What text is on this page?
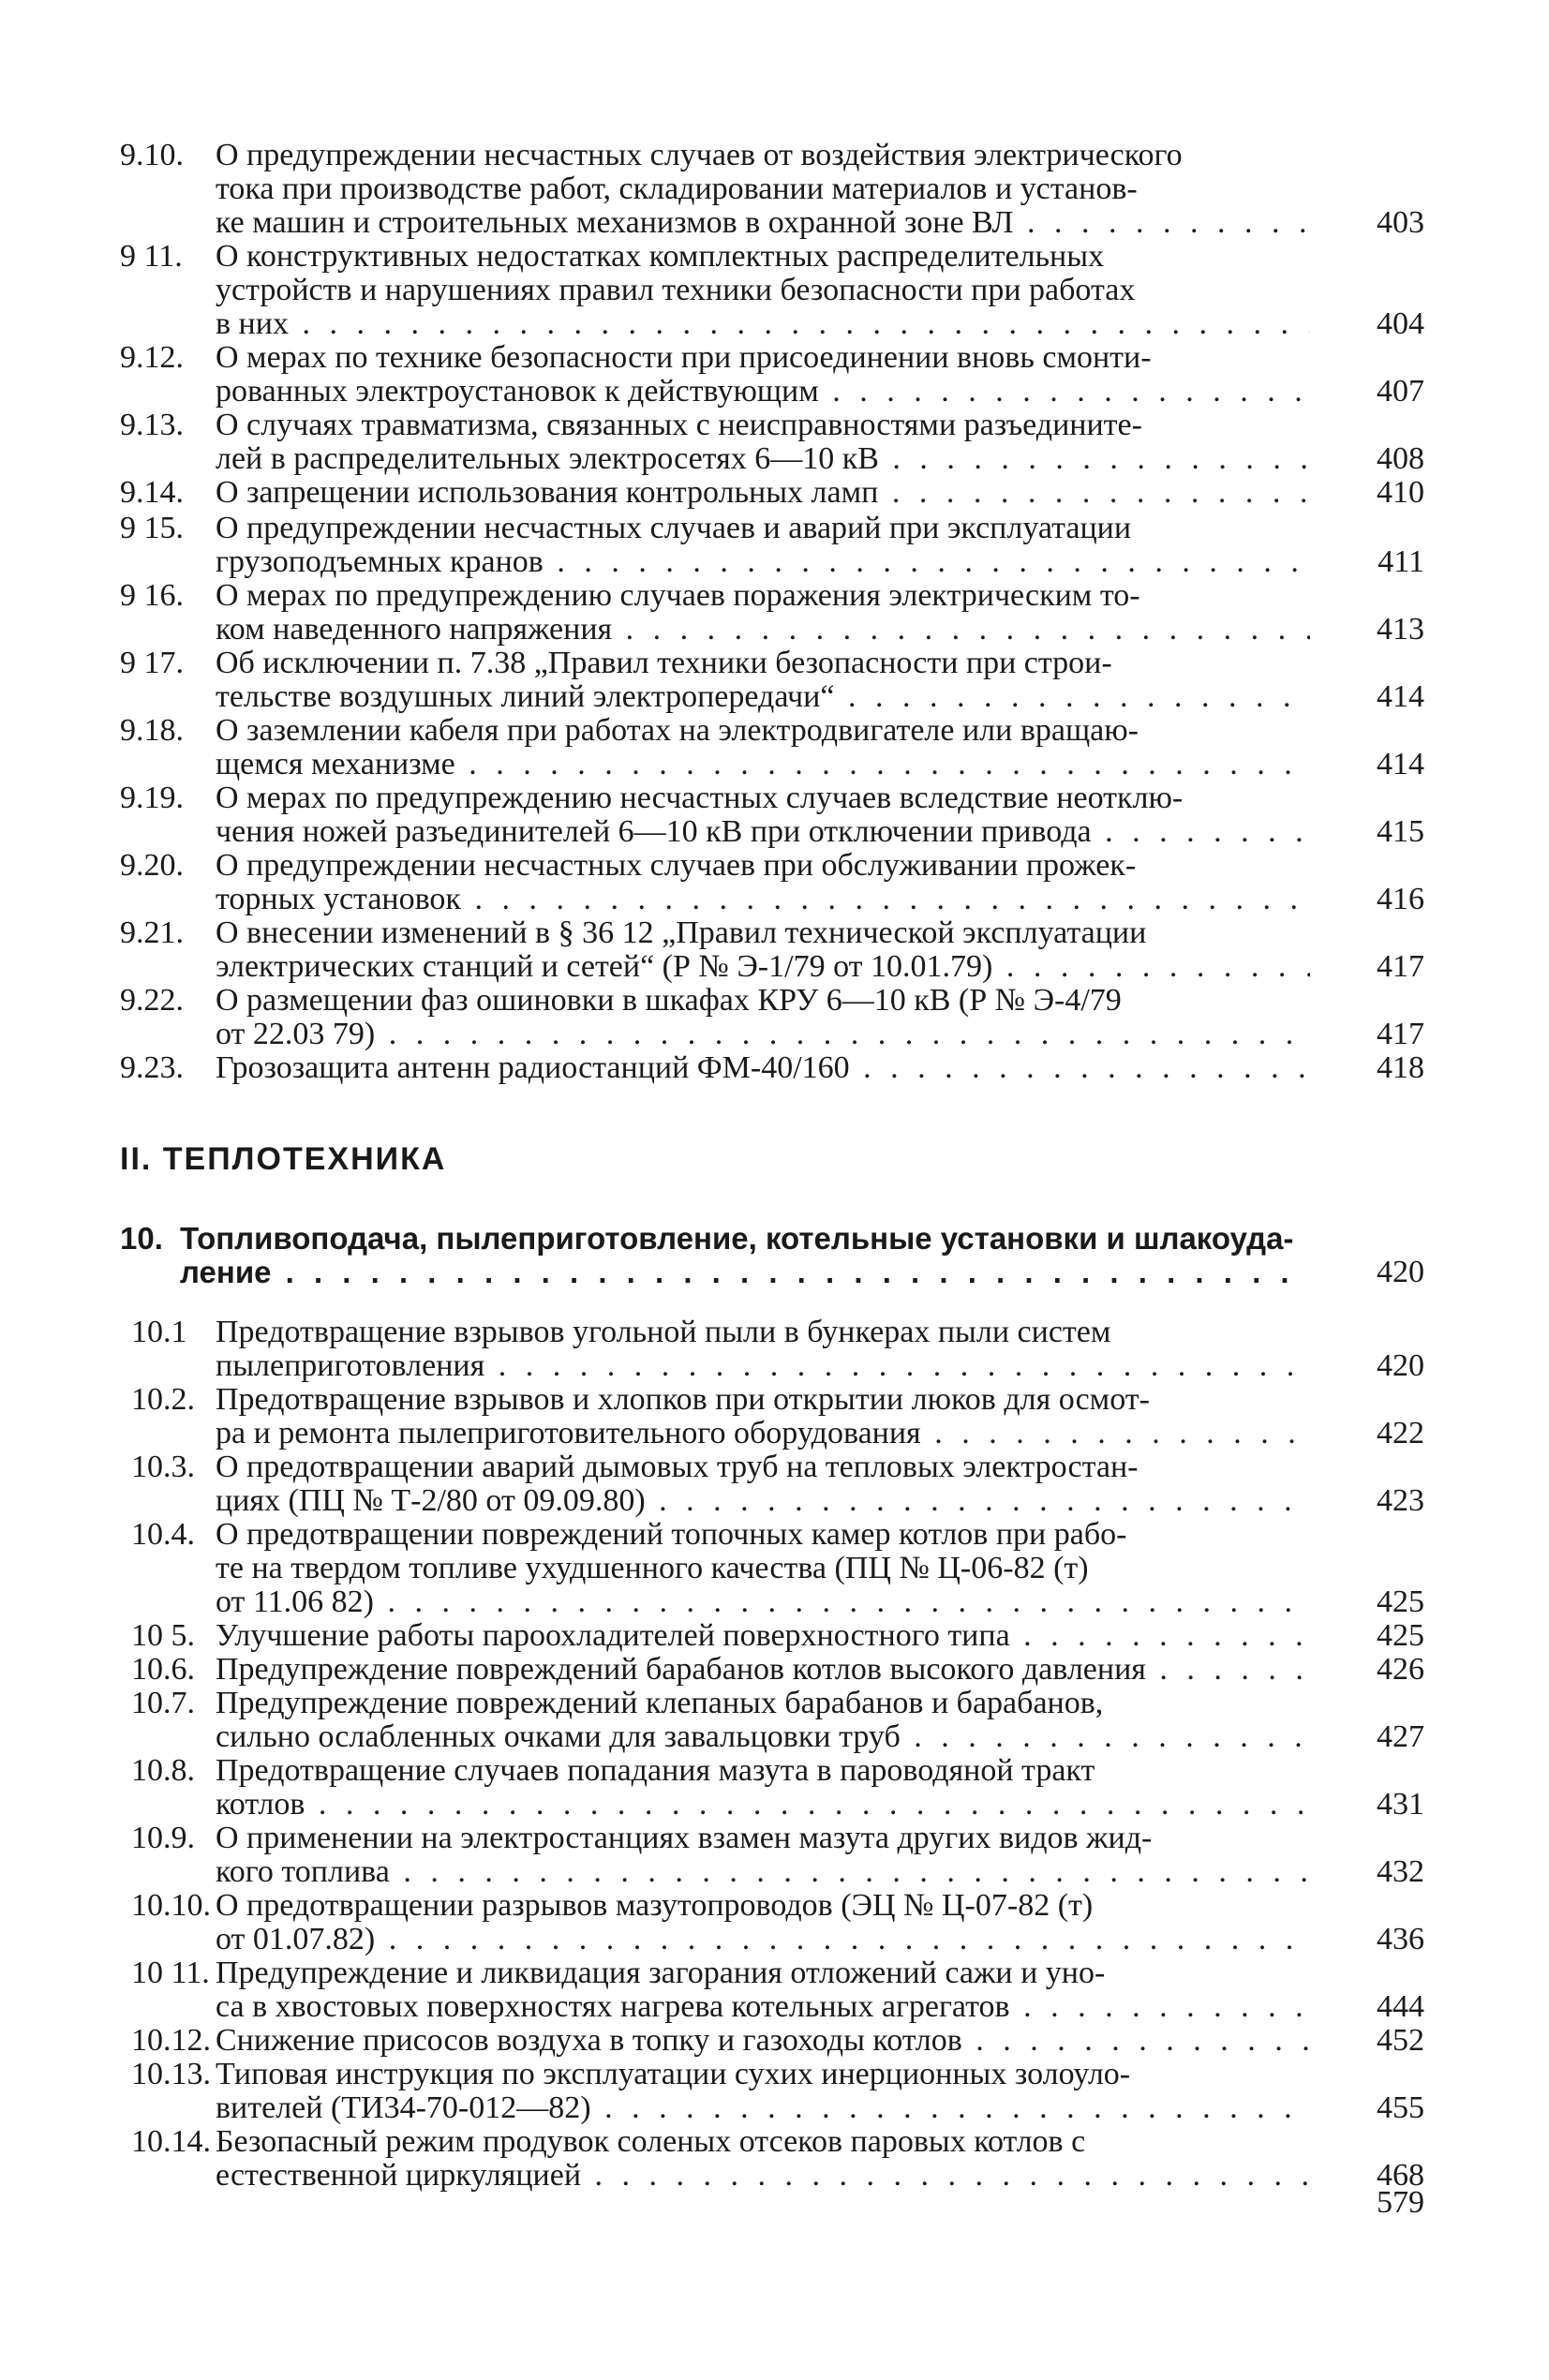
9.10. О предупреждении несчастных случаев от воздействия электрического
тока при производстве работ, складировании материалов и установ-
ке машин и строительных механизмов в охранной зоне ВЛ . . .	403
9 11. О конструктивных недостатках комплектных распределительных
устройств и нарушениях правил техники безопасности при работах
в них . . .	404
9.12. О мерах по технике безопасности при присоединении вновь смонти-
рованных электроустановок к действующим . . .	407
9.13. О случаях травматизма, связанных с неисправностями разъедините-
лей в распределительных электросетях 6—10 кВ . . .	408
9.14. О запрещении использования контрольных ламп . . .	410
9 15. О предупреждении несчастных случаев и аварий при эксплуатации
грузоподъемных кранов . . .	411
9 16. О мерах по предупреждению случаев поражения электрическим то-
ком наведенного напряжения . . .	413
9 17. Об исключении п. 7.38 „Правил техники безопасности при строи-
тельстве воздушных линий электропередачи“ . . .	414
9.18. О заземлении кабеля при работах на электродвигателе или вращаю-
щемся механизме . . .	414
9.19. О мерах по предупреждению несчастных случаев вследствие неотклю-
чения ножей разъединителей 6—10 кВ при отключении привода . . .	415
9.20. О предупреждении несчастных случаев при обслуживании прожек-
торных установок . . .	416
9.21. О внесении изменений в § 36 12 „Правил технической эксплуатации
электрических станций и сетей“ (Р № Э-1/79 от 10.01.79) . . .	417
9.22. О размещении фаз ошиновки в шкафах КРУ 6—10 кВ (Р № Э-4/79
от 22.03 79) . . .	417
9.23. Грозозащита антенн радиостанций ФМ-40/160 . . .	418
II. ТЕПЛОТЕХНИКА
10. Топливоподача, пылеприготовление, котельные установки и шлакоуда-
ление . . .	420
10.1 Предотвращение взрывов угольной пыли в бункерах пыли систем
пылеприготовления . . .	420
10.2. Предотвращение взрывов и хлопков при открытии люков для осмот-
ра и ремонта пылеприготовительного оборудования . . .	422
10.3. О предотвращении аварий дымовых труб на тепловых электростан-
циях (ПЦ № Т-2/80 от 09.09.80) . . .	423
10.4. О предотвращении повреждений топочных камер котлов при рабо-
те на твердом топливе ухудшенного качества (ПЦ № Ц-06-82 (т)
от 11.06 82) . . .	425
10 5. Улучшение работы пароохладителей поверхностного типа . . .	425
10.6. Предупреждение повреждений барабанов котлов высокого давления . . .	426
10.7. Предупреждение повреждений клепаных барабанов и барабанов,
сильно ослабленных очками для завальцовки труб . . .	427
10.8. Предотвращение случаев попадания мазута в пароводяной тракт
котлов . . .	431
10.9. О применении на электростанциях взамен мазута других видов жид-
кого топлива . . .	432
10.10. О предотвращении разрывов мазутопроводов (ЭЦ № Ц-07-82 (т)
от 01.07.82) . . .	436
10 11. Предупреждение и ликвидация загорания отложений сажи и уно-
са в хвостовых поверхностях нагрева котельных агрегатов . . .	444
10.12. Снижение присосов воздуха в топку и газоходы котлов . . .	452
10.13. Типовая инструкция по эксплуатации сухих инерционных золоуло-
вителей (ТИ34-70-012—82) . . .	455
10.14. Безопасный режим продувок соленых отсеков паровых котлов с
естественной циркуляцией . . .	468
579
